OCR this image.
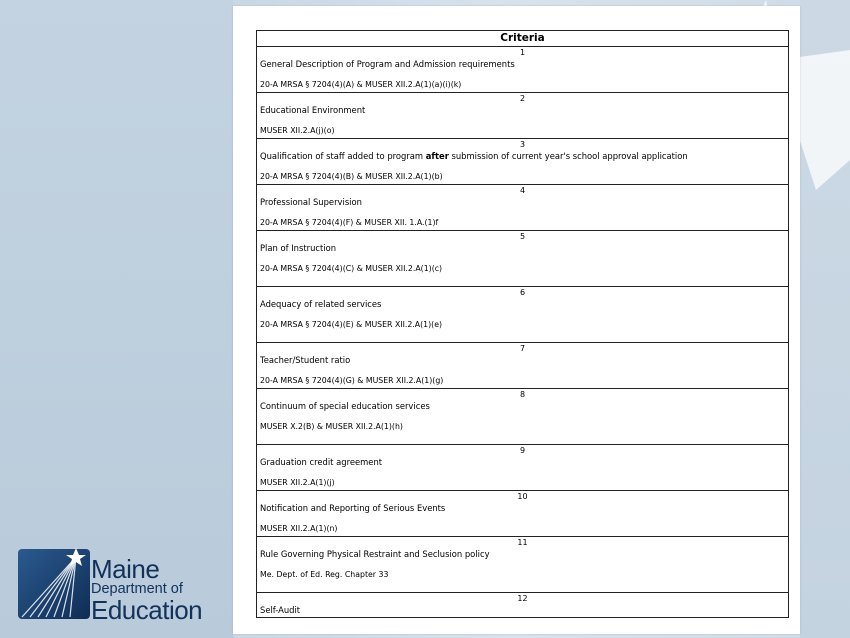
Criteria

1
General Description of Program and Admission requirements
20-A MRSA § 7204(4)(A) & MUSER XII.2.A(1)(a)(i)(k)

2
Educational Environment
MUSER XII.2.A(j)(o)

3
Qualification of staff added to program after submission of current year's school approval application
20-A MRSA § 7204(4)(B) & MUSER XII.2.A(1)(b)

4
Professional Supervision
20-A MRSA § 7204(4)(F) & MUSER XII. 1.A.(1)f

5
Plan of Instruction
20-A MRSA § 7204(4)(C) & MUSER XII.2.A(1)(c)

6
Adequacy of related services
20-A MRSA § 7204(4)(E) & MUSER XII.2.A(1)(e)

7
Teacher/Student ratio
20-A MRSA § 7204(4)(G) & MUSER XII.2.A(1)(g)

8
Continuum of special education services
MUSER X.2(B) & MUSER XII.2.A(1)(h)

9
Graduation credit agreement
MUSER XII.2.A(1)(j)

10
Notification and Reporting of Serious Events
MUSER XII.2.A(1)(n)

11
Rule Governing Physical Restraint and Seclusion policy
Me. Dept. of Ed. Reg. Chapter 33

12
Self-Audit
Maine
Department of
Education
